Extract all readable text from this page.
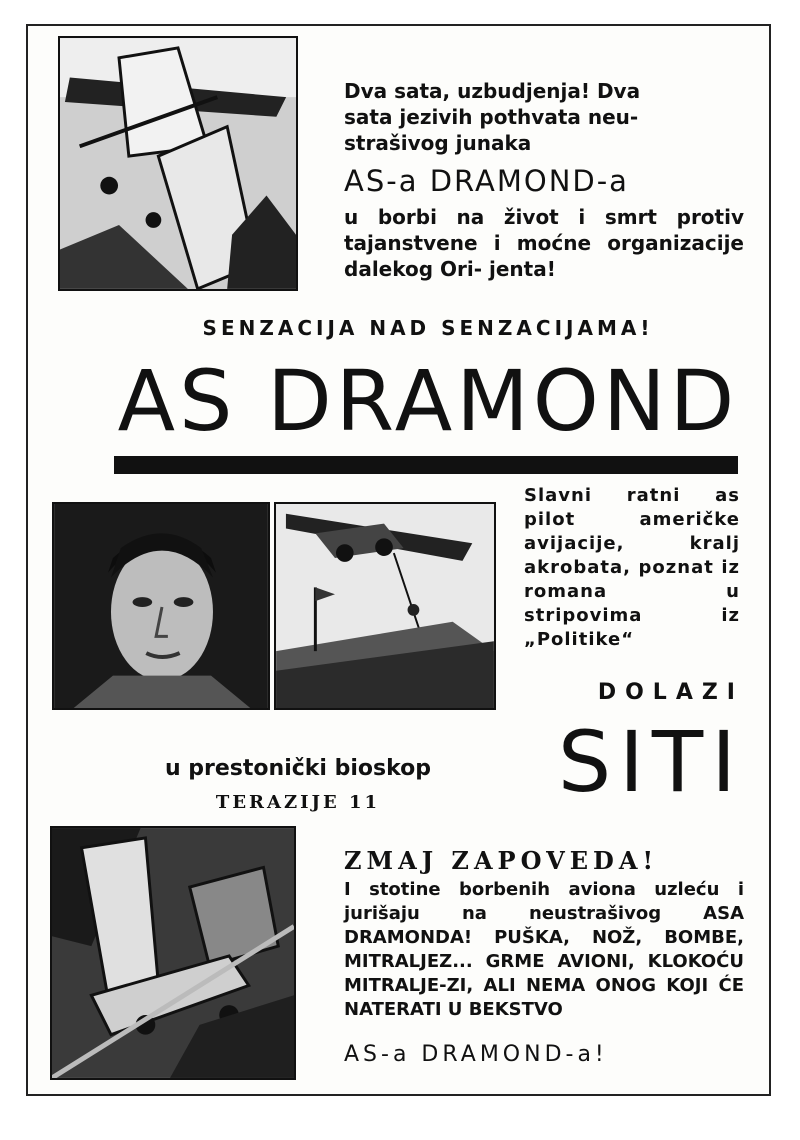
Dva sata, uzbudjenja! Dva
sata jezivih pothvata neu-
strašivog junaka

AS-a DRAMOND-a

u borbi na život i smrt protiv tajanstvene i moćne organizacije dalekog Ori- jenta!

SENZACIJA NAD SENZACIJAMA!

AS DRAMOND

Slavni ratni as pilot američke avijacije, kralj akrobata, poznat iz romana u stripovima iz „Politike“

DOLAZI

SITI

u prestonički bioskop

TERAZIJE 11

ZMAJ ZAPOVEDA!

I stotine borbenih aviona uzleću i jurišaju na neustrašivog ASA DRAMONDA! PUŠKA, NOŽ, BOMBE, MITRALJEZ... GRME AVIONI, KLOKOĆU MITRALJE-ZI, ALI NEMA ONOG KOJI ĆE NATERATI U BEKSTVO

AS-a DRAMOND-a!
